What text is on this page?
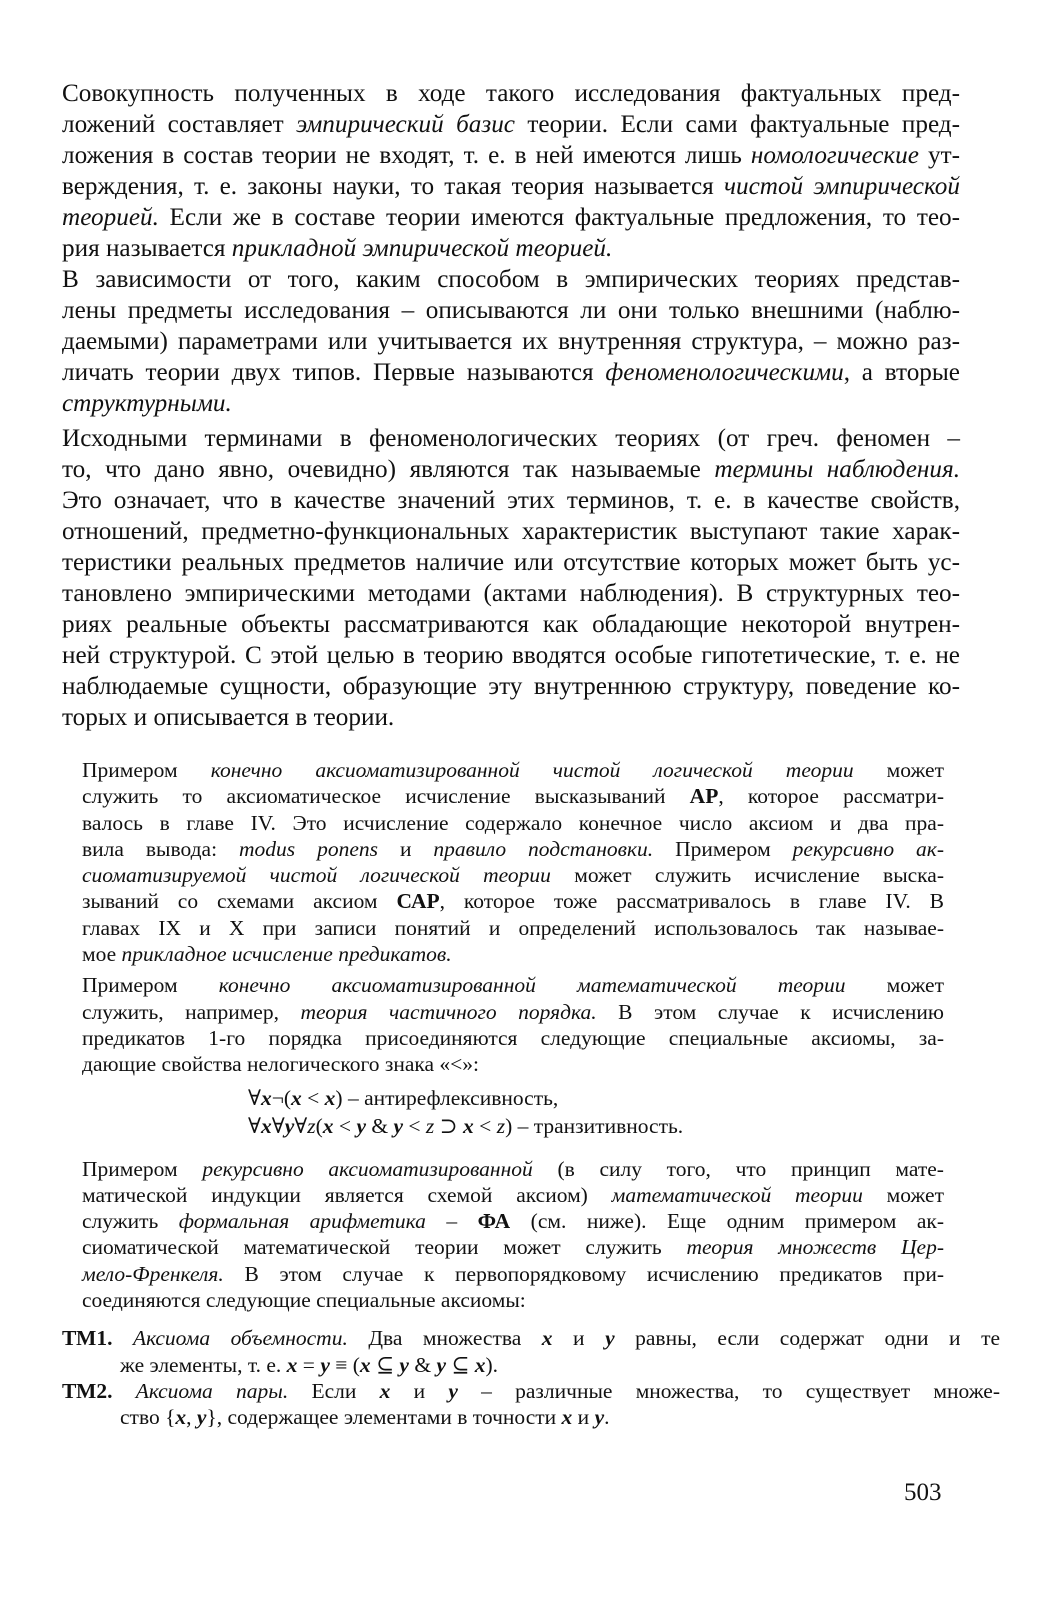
Совокупность полученных в ходе такого исследования фактуальных пред-
ложений составляет эмпирический базис теории. Если сами фактуальные пред-
ложения в состав теории не входят, т. е. в ней имеются лишь номологические ут-
верждения, т. е. законы науки, то такая теория называется чистой эмпирической
теорией. Если же в составе теории имеются фактуальные предложения, то тео-
рия называется прикладной эмпирической теорией.
В зависимости от того, каким способом в эмпирических теориях представ-
лены предметы исследования – описываются ли они только внешними (наблю-
даемыми) параметрами или учитывается их внутренняя структура, – можно раз-
личать теории двух типов. Первые называются феноменологическими, а вторые
структурными.
Исходными терминами в феноменологических теориях (от греч. феномен –
то, что дано явно, очевидно) являются так называемые термины наблюдения.
Это означает, что в качестве значений этих терминов, т. е. в качестве свойств,
отношений, предметно-функциональных характеристик выступают такие харак-
теристики реальных предметов наличие или отсутствие которых может быть ус-
тановлено эмпирическими методами (актами наблюдения). В структурных тео-
риях реальные объекты рассматриваются как обладающие некоторой внутрен-
ней структурой. С этой целью в теорию вводятся особые гипотетические, т. е. не
наблюдаемые сущности, образующие эту внутреннюю структуру, поведение ко-
торых и описывается в теории.
Примером конечно аксиоматизированной чистой логической теории может
служить то аксиоматическое исчисление высказываний АР, которое рассматри-
валось в главе IV. Это исчисление содержало конечное число аксиом и два пра-
вила вывода: modus ponens и правило подстановки. Примером рекурсивно ак-
сиоматизируемой чистой логической теории может служить исчисление выска-
зываний со схемами аксиом САР, которое тоже рассматривалось в главе IV. В
главах IX и X при записи понятий и определений использовалось так называе-
мое прикладное исчисление предикатов.
Примером конечно аксиоматизированной математической теории может
служить, например, теория частичного порядка. В этом случае к исчислению
предикатов 1-го порядка присоединяются следующие специальные аксиомы, за-
дающие свойства нелогического знака «<»:
∀x¬(x < x) – антирефлексивность,
∀x∀y∀z(x < y & y < z ⊃ x < z) – транзитивность.
Примером рекурсивно аксиоматизированной (в силу того, что принцип мате-
матической индукции является схемой аксиом) математической теории может
служить формальная арифметика – ФА (см. ниже). Еще одним примером ак-
сиоматической математической теории может служить теория множеств Цер-
мело-Френкеля. В этом случае к первопорядковому исчислению предикатов при-
соединяются следующие специальные аксиомы:
ТМ1. Аксиома объемности. Два множества x и y равны, если содержат одни и те
же элементы, т. е. x = y ≡ (x ⊆ y & y ⊆ x).
ТМ2. Аксиома пары. Если x и y – различные множества, то существует множе-
ство {x, y}, содержащее элементами в точности x и y.
503
